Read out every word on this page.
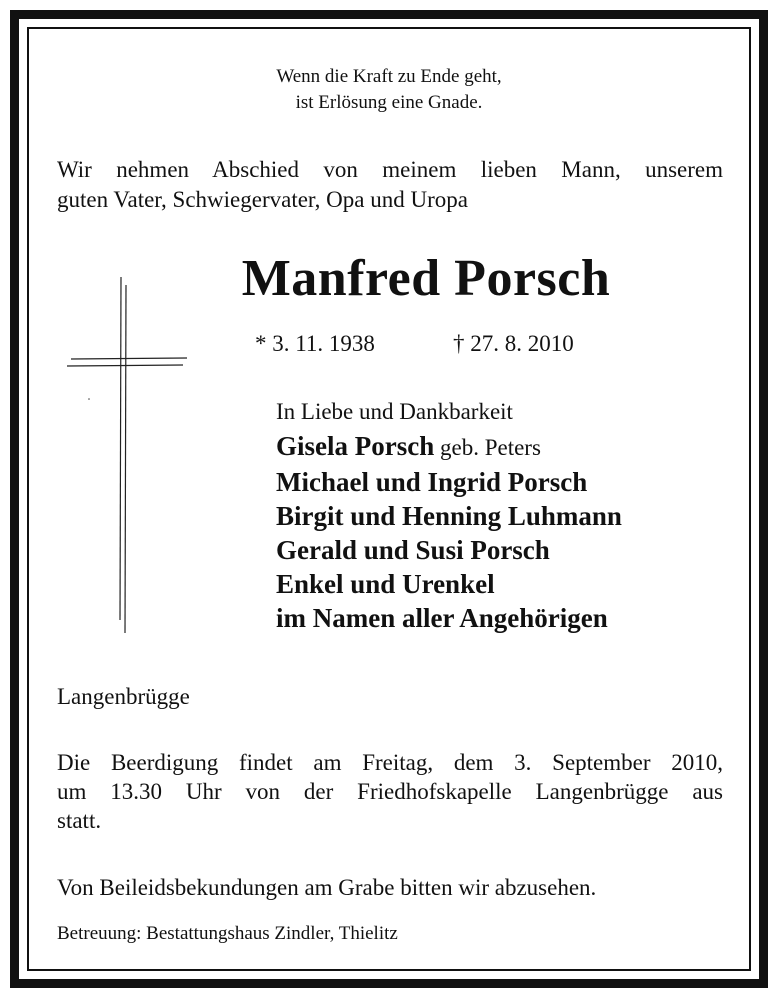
Wenn die Kraft zu Ende geht,
ist Erlösung eine Gnade.
Wir nehmen Abschied von meinem lieben Mann, unserem
guten Vater, Schwiegervater, Opa und Uropa
Manfred Porsch
* 3. 11. 1938	† 27. 8. 2010
In Liebe und Dankbarkeit
Gisela Porsch geb. Peters
Michael und Ingrid Porsch
Birgit und Henning Luhmann
Gerald und Susi Porsch
Enkel und Urenkel
im Namen aller Angehörigen
Langenbrügge
Die Beerdigung findet am Freitag, dem 3. September 2010,
um 13.30 Uhr von der Friedhofskapelle Langenbrügge aus
statt.
Von Beileidsbekundungen am Grabe bitten wir abzusehen.
Betreuung: Bestattungshaus Zindler, Thielitz
